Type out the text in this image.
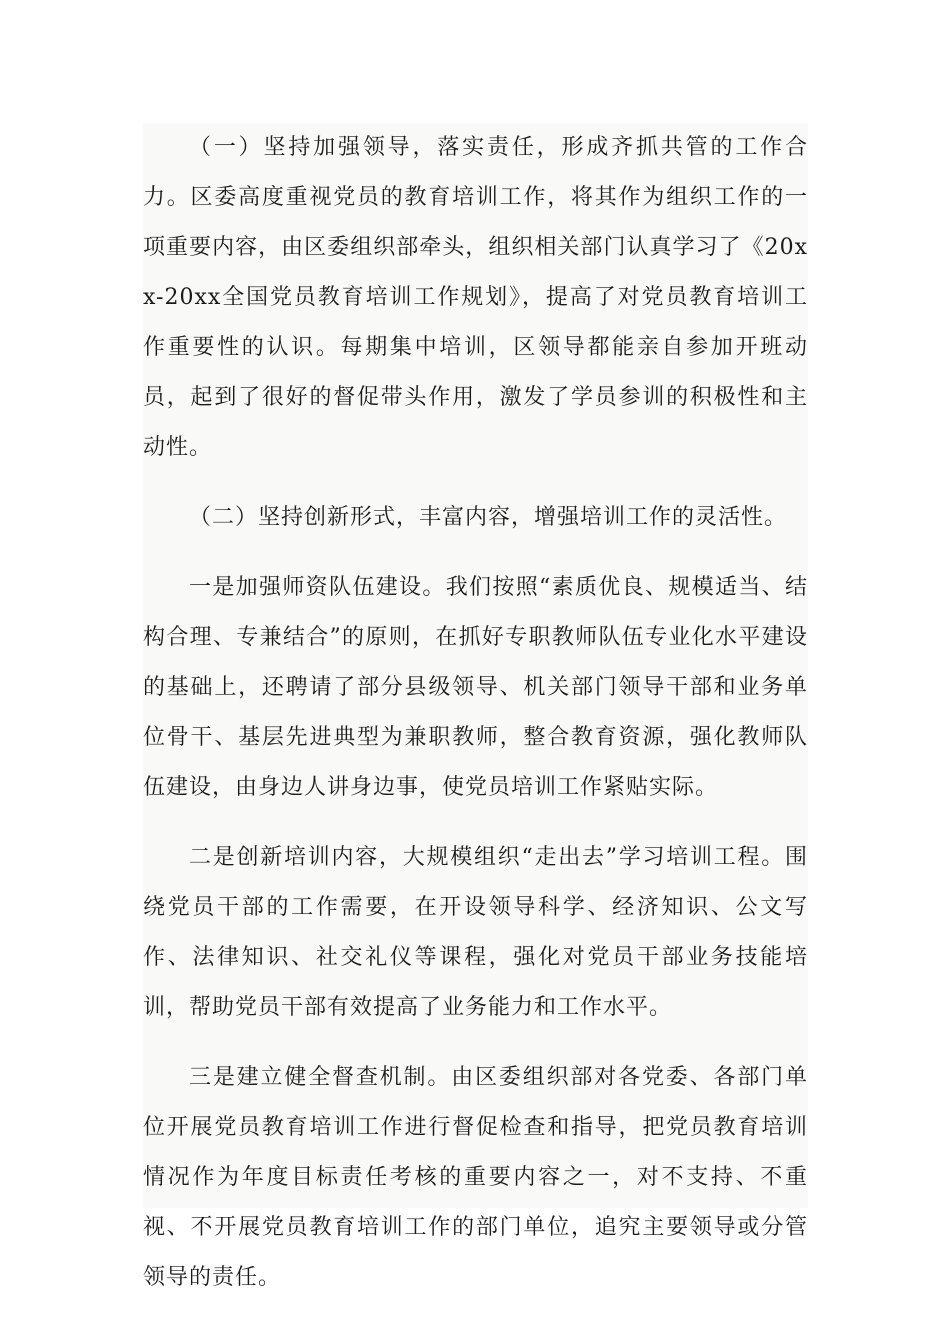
（一）坚持加强领导，落实责任，形成齐抓共管的工作合力。区委高度重视党员的教育培训工作，将其作为组织工作的一项重要内容，由区委组织部牵头，组织相关部门认真学习了《20xx-20xx全国党员教育培训工作规划》，提高了对党员教育培训工作重要性的认识。每期集中培训，区领导都能亲自参加开班动员，起到了很好的督促带头作用，激发了学员参训的积极性和主动性。

（二）坚持创新形式，丰富内容，增强培训工作的灵活性。

一是加强师资队伍建设。我们按照“素质优良、规模适当、结构合理、专兼结合”的原则，在抓好专职教师队伍专业化水平建设的基础上，还聘请了部分县级领导、机关部门领导干部和业务单位骨干、基层先进典型为兼职教师，整合教育资源，强化教师队伍建设，由身边人讲身边事，使党员培训工作紧贴实际。

二是创新培训内容，大规模组织“走出去”学习培训工程。围绕党员干部的工作需要，在开设领导科学、经济知识、公文写作、法律知识、社交礼仪等课程，强化对党员干部业务技能培训，帮助党员干部有效提高了业务能力和工作水平。

三是建立健全督查机制。由区委组织部对各党委、各部门单位开展党员教育培训工作进行督促检查和指导，把党员教育培训情况作为年度目标责任考核的重要内容之一，对不支持、不重视、不开展党员教育培训工作的部门单位，追究主要领导或分管领导的责任。
